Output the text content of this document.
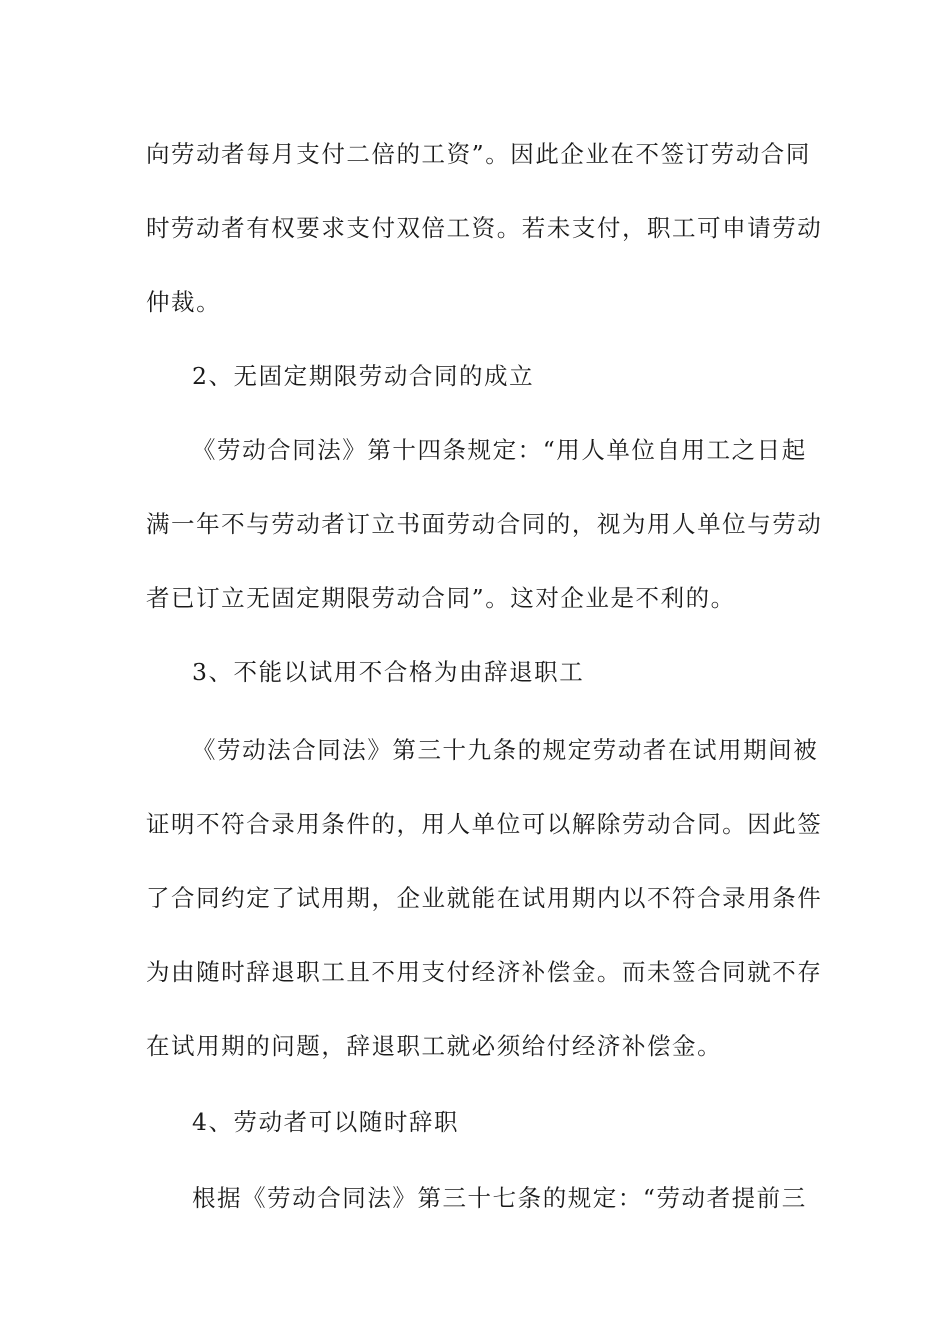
向劳动者每月支付二倍的工资”。因此企业在不签订劳动合同
时劳动者有权要求支付双倍工资。若未支付，职工可申请劳动
仲裁。
2、无固定期限劳动合同的成立
《劳动合同法》第十四条规定：“用人单位自用工之日起
满一年不与劳动者订立书面劳动合同的，视为用人单位与劳动
者已订立无固定期限劳动合同”。这对企业是不利的。
3、不能以试用不合格为由辞退职工
《劳动法合同法》第三十九条的规定劳动者在试用期间被
证明不符合录用条件的，用人单位可以解除劳动合同。因此签
了合同约定了试用期，企业就能在试用期内以不符合录用条件
为由随时辞退职工且不用支付经济补偿金。而未签合同就不存
在试用期的问题，辞退职工就必须给付经济补偿金。
4、劳动者可以随时辞职
根据《劳动合同法》第三十七条的规定：“劳动者提前三
